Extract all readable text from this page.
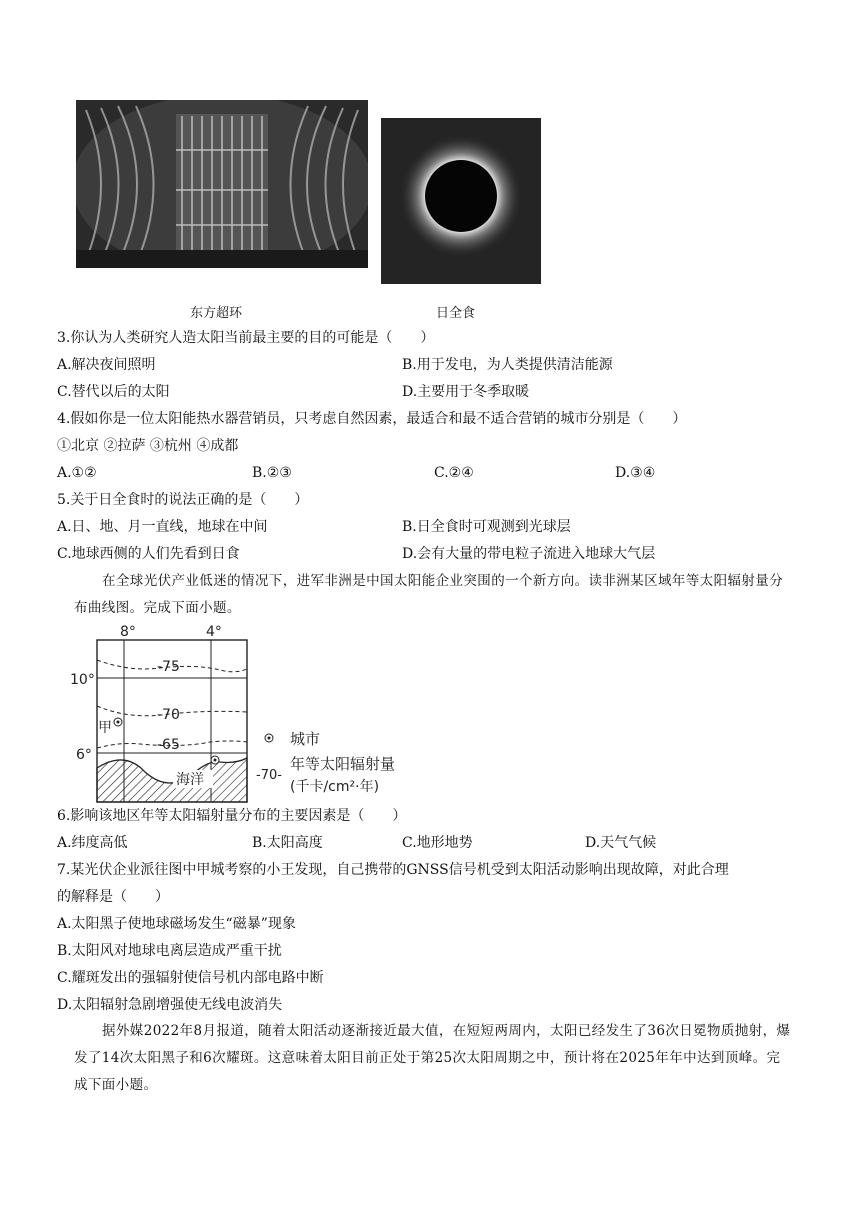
东方超环	日全食
3.你认为人类研究人造太阳当前最主要的目的可能是（　　）
A.解决夜间照明	B.用于发电，为人类提供清洁能源
C.替代以后的太阳	D.主要用于冬季取暖
4.假如你是一位太阳能热水器营销员，只考虑自然因素，最适合和最不适合营销的城市分别是（　　）
①北京 ②拉萨 ③杭州 ④成都
A.①②	B.②③	C.②④	D.③④
5.关于日全食时的说法正确的是（　　）
A.日、地、月一直线，地球在中间	B.日全食时可观测到光球层
C.地球西侧的人们先看到日食	D.会有大量的带电粒子流进入地球大气层
在全球光伏产业低迷的情况下，进军非洲是中国太阳能企业突围的一个新方向。读非洲某区域年等太阳辐射量分布曲线图。完成下面小题。
8°	4°
10°
6°
-75
-70
-65
甲
海洋
城市
-70-
年等太阳辐射量
(千卡/cm²·年)
6.影响该地区年等太阳辐射量分布的主要因素是（　　）
A.纬度高低	B.太阳高度	C.地形地势	D.天气气候
7.某光伏企业派往图中甲城考察的小王发现，自己携带的GNSS信号机受到太阳活动影响出现故障，对此合理
的解释是（　　）
A.太阳黑子使地球磁场发生“磁暴”现象
B.太阳风对地球电离层造成严重干扰
C.耀斑发出的强辐射使信号机内部电路中断
D.太阳辐射急剧增强使无线电波消失
据外媒2022年8月报道，随着太阳活动逐渐接近最大值，在短短两周内，太阳已经发生了36次日冕物质抛射，爆发了14次太阳黑子和6次耀斑。这意味着太阳目前正处于第25次太阳周期之中，预计将在2025年年中达到顶峰。完成下面小题。
